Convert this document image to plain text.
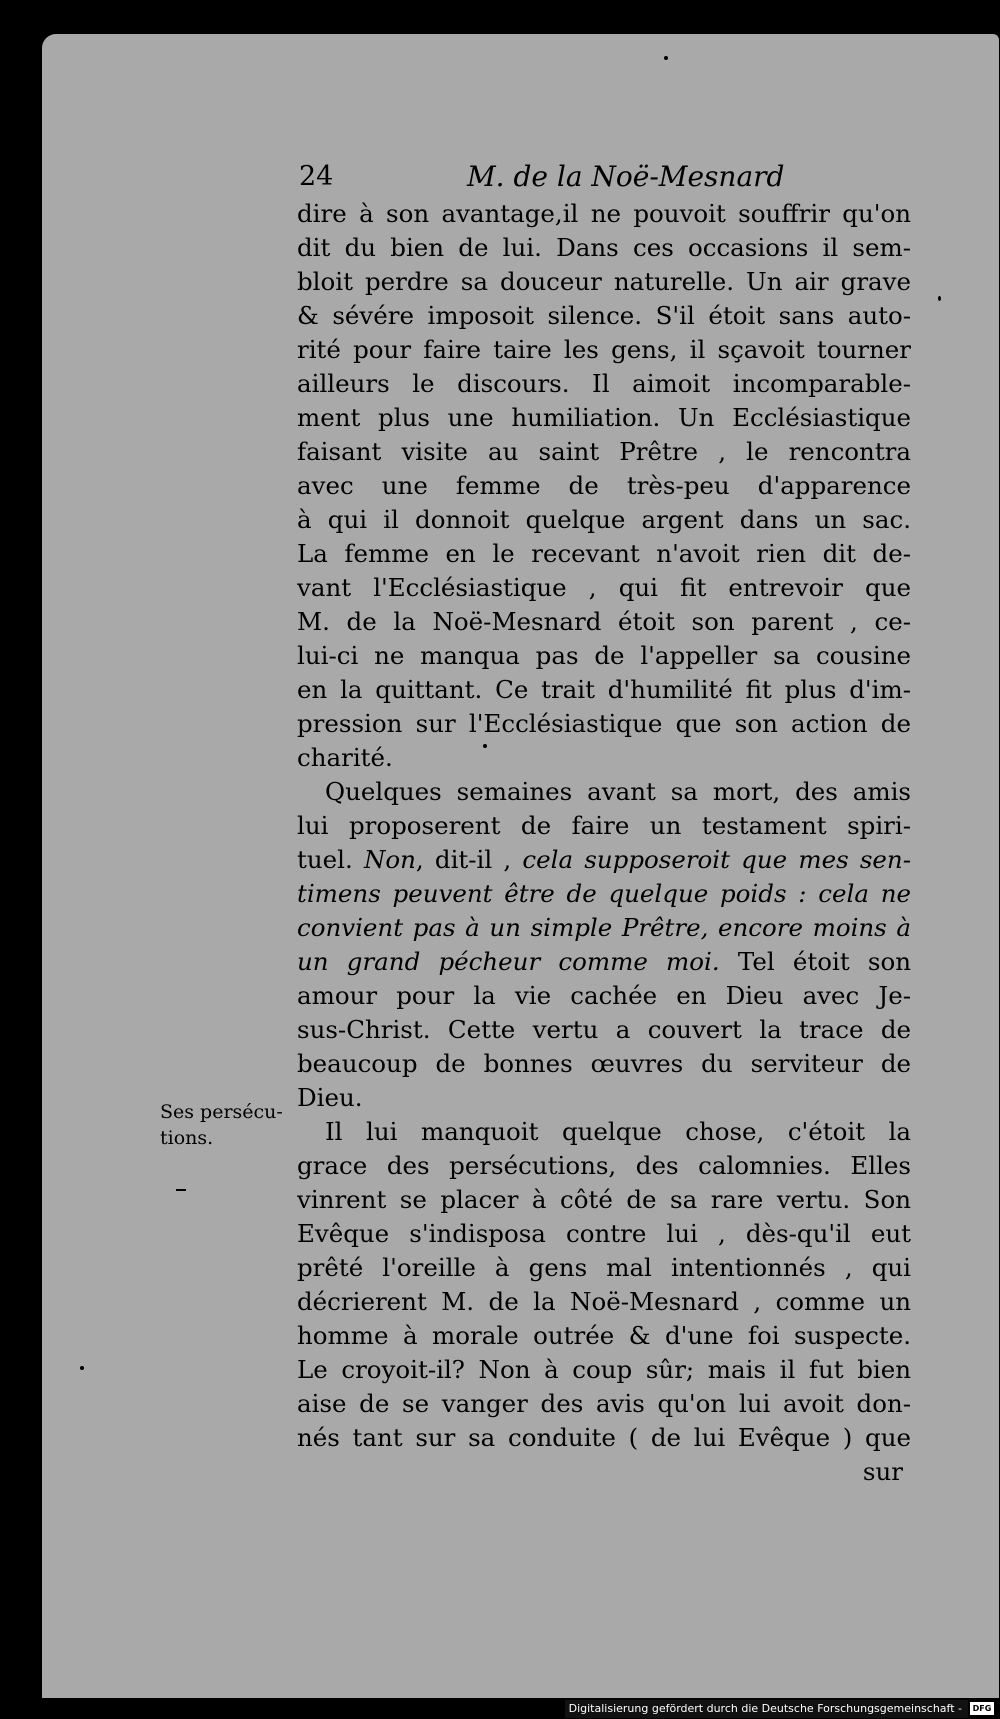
24	M. de la Noë-Mesnard
dire à son avantage,il ne pouvoit souffrir qu'on
dit du bien de lui. Dans ces occasions il sem-
bloit perdre sa douceur naturelle. Un air grave
& sévére imposoit silence. S'il étoit sans auto-
rité pour faire taire les gens, il sçavoit tourner
ailleurs le discours. Il aimoit incomparable-
ment plus une humiliation. Un Ecclésiastique
faisant visite au saint Prêtre , le rencontra
avec une femme de très-peu d'apparence
à qui il donnoit quelque argent dans un sac.
La femme en le recevant n'avoit rien dit de-
vant l'Ecclésiastique , qui fit entrevoir que
M. de la Noë-Mesnard étoit son parent , ce-
lui-ci ne manqua pas de l'appeller sa cousine
en la quittant. Ce trait d'humilité fit plus d'im-
pression sur l'Ecclésiastique que son action de
charité.
Quelques semaines avant sa mort, des amis
lui proposerent de faire un testament spiri-
tuel. Non, dit-il , cela supposeroit que mes sen-
timens peuvent être de quelque poids : cela ne
convient pas à un simple Prêtre, encore moins à
un grand pécheur comme moi. Tel étoit son
amour pour la vie cachée en Dieu avec Je-
sus-Christ. Cette vertu a couvert la trace de
beaucoup de bonnes œuvres du serviteur de
Dieu.
Il lui manquoit quelque chose, c'étoit la
grace des persécutions, des calomnies. Elles
vinrent se placer à côté de sa rare vertu. Son
Evêque s'indisposa contre lui , dès-qu'il eut
prêté l'oreille à gens mal intentionnés , qui
décrierent M. de la Noë-Mesnard , comme un
homme à morale outrée & d'une foi suspecte.
Le croyoit-il? Non à coup sûr; mais il fut bien
aise de se vanger des avis qu'on lui avoit don-
nés tant sur sa conduite ( de lui Evêque ) que
sur
Ses persécu-
tions.
Digitalisierung gefördert durch die Deutsche Forschungsgemeinschaft -	DFG
